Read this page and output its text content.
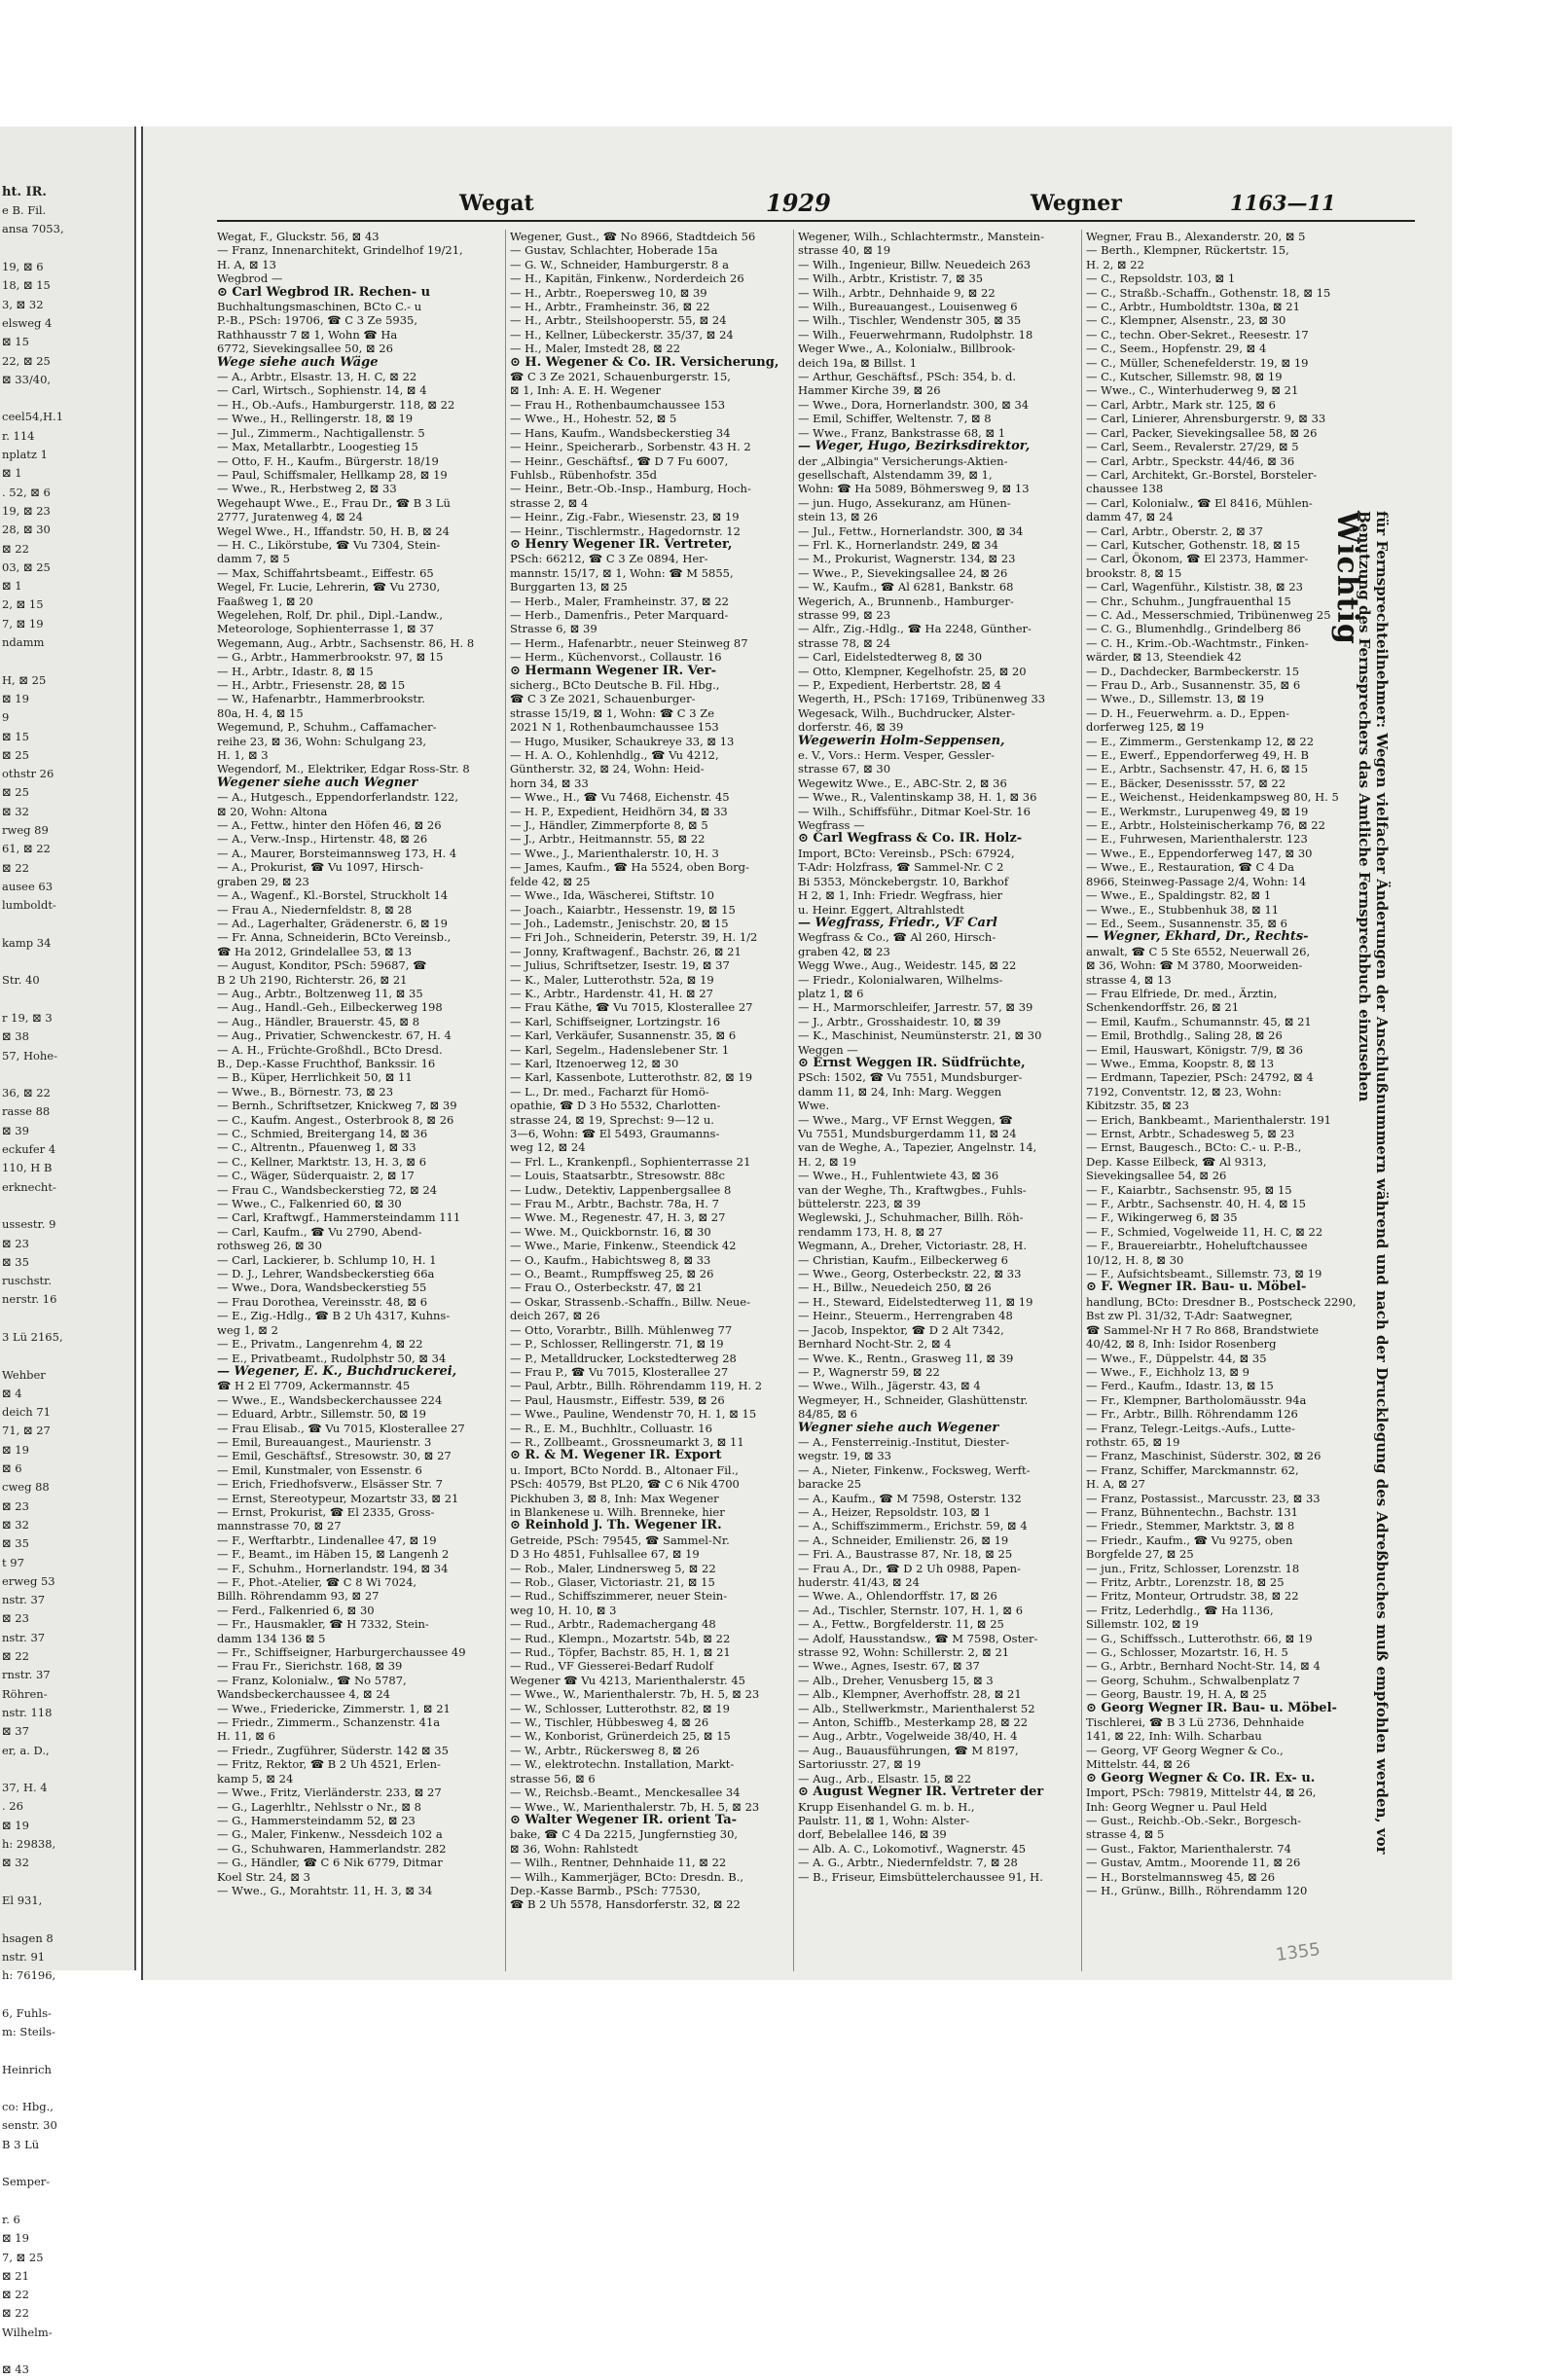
ht. IR.
e B. Fil.
ansa 7053,

19, ⊠ 6
18, ⊠ 15
3, ⊠ 32
elsweg 4
⊠ 15
22, ⊠ 25
⊠ 33/40,

ceel54,H.1
r. 114
nplatz 1
⊠ 1
. 52, ⊠ 6
19, ⊠ 23
28, ⊠ 30
⊠ 22
03, ⊠ 25
⊠ 1
2, ⊠ 15
7, ⊠ 19
ndamm

H, ⊠ 25
⊠ 19
9
⊠ 15
⊠ 25
othstr 26
⊠ 25
⊠ 32
rweg 89
61, ⊠ 22
⊠ 22
ausee 63
lumboldt-

kamp 34

Str. 40

r 19, ⊠ 3
⊠ 38
57, Hohe-

36, ⊠ 22
rasse 88
⊠ 39
eckufer 4
110, H B
erknecht-

ussestr. 9
⊠ 23
⊠ 35
ruschstr.
nerstr. 16

3 Lü 2165,

Wehber
⊠ 4
deich 71
71, ⊠ 27
⊠ 19
⊠ 6
cweg 88
⊠ 23
⊠ 32
⊠ 35
t 97
erweg 53
nstr. 37
⊠ 23
nstr. 37
⊠ 22
rnstr. 37
Röhren-
nstr. 118
⊠ 37
er, a. D.,

37, H. 4
. 26
⊠ 19
h: 29838,
⊠ 32

El 931,

hsagen 8
nstr. 91
h: 76196,

6, Fuhls-
m: Steils-

Heinrich

co: Hbg.,
senstr. 30
B 3 Lü

Semper-

r. 6
⊠ 19
7, ⊠ 25
⊠ 21
⊠ 22
⊠ 22
Wilhelm-

⊠ 43
Wegat	1929	Wegner	1163—11
Wegat, F., Gluckstr. 56, ⊠ 43
— Franz, Innenarchitekt, Grindelhof 19/21,
H. A, ⊠ 13
Wegbrod —
⊙ Carl Wegbrod IR. Rechen- u
Buchhaltungsmaschinen, BCto C.- u
P.-B., PSch: 19706, ☎ C 3 Ze 5935,
Rathhausstr 7 ⊠ 1, Wohn ☎ Ha
6772, Sievekingsallee 50, ⊠ 26
Wege siehe auch Wäge
— A., Arbtr., Elsastr. 13, H. C, ⊠ 22
— Carl, Wirtsch., Sophienstr. 14, ⊠ 4
— H., Ob.-Aufs., Hamburgerstr. 118, ⊠ 22
— Wwe., H., Rellingerstr. 18, ⊠ 19
— Jul., Zimmerm., Nachtigallenstr. 5
— Max, Metallarbtr., Loogestieg 15
— Otto, F. H., Kaufm., Bürgerstr. 18/19
— Paul, Schiffsmaler, Hellkamp 28, ⊠ 19
— Wwe., R., Herbstweg 2, ⊠ 33
Wegehaupt Wwe., E., Frau Dr., ☎ B 3 Lü
2777, Juratenweg 4, ⊠ 24
Wegel Wwe., H., Iffandstr. 50, H. B, ⊠ 24
— H. C., Likörstube, ☎ Vu 7304, Stein-
damm 7, ⊠ 5
— Max, Schiffahrtsbeamt., Eiffestr. 65
Wegel, Fr. Lucie, Lehrerin, ☎ Vu 2730,
Faaßweg 1, ⊠ 20
Wegelehen, Rolf, Dr. phil., Dipl.-Landw.,
Meteorologe, Sophienterrasse 1, ⊠ 37
Wegemann, Aug., Arbtr., Sachsenstr. 86, H. 8
— G., Arbtr., Hammerbrookstr. 97, ⊠ 15
— H., Arbtr., Idastr. 8, ⊠ 15
— H., Arbtr., Friesenstr. 28, ⊠ 15
— W., Hafenarbtr., Hammerbrookstr.
80a, H. 4, ⊠ 15
Wegemund, P., Schuhm., Caffamacher-
reihe 23, ⊠ 36, Wohn: Schulgang 23,
H. 1, ⊠ 3
Wegendorf, M., Elektriker, Edgar Ross-Str. 8
Wegener siehe auch Wegner
— A., Hutgesch., Eppendorferlandstr. 122,
⊠ 20, Wohn: Altona
— A., Fettw., hinter den Höfen 46, ⊠ 26
— A., Verw.-Insp., Hirtenstr. 48, ⊠ 26
— A., Maurer, Borsteimannsweg 173, H. 4
— A., Prokurist, ☎ Vu 1097, Hirsch-
graben 29, ⊠ 23
— A., Wagenf., Kl.-Borstel, Struckholt 14
— Frau A., Niedernfeldstr. 8, ⊠ 28
— Ad., Lagerhalter, Grädenerstr. 6, ⊠ 19
— Fr. Anna, Schneiderin, BCto Vereinsb.,
☎ Ha 2012, Grindelallee 53, ⊠ 13
— August, Konditor, PSch: 59687, ☎
B 2 Uh 2190, Richterstr. 26, ⊠ 21
— Aug., Arbtr., Boltzenweg 11, ⊠ 35
— Aug., Handl.-Geh., Eilbeckerweg 198
— Aug., Händler, Brauerstr. 45, ⊠ 8
— Aug., Privatier, Schwenckestr. 67, H. 4
— A. H., Früchte-Großhdl., BCto Dresd.
B., Dep.-Kasse Fruchthof, Bankssir. 16
— B., Küper, Herrlichkeit 50, ⊠ 11
— Wwe., B., Börnestr. 73, ⊠ 23
— Bernh., Schriftsetzer, Knickweg 7, ⊠ 39
— C., Kaufm. Angest., Osterbrook 8, ⊠ 26
— C., Schmied, Breitergang 14, ⊠ 36
— C., Altrentn., Pfauenweg 1, ⊠ 33
— C., Kellner, Marktstr. 13, H. 3, ⊠ 6
— C., Wäger, Süderquaistr. 2, ⊠ 17
— Frau C., Wandsbeckerstieg 72, ⊠ 24
— Wwe., C., Falkenried 60, ⊠ 30
— Carl, Kraftwgf., Hammersteindamm 111
— Carl, Kaufm., ☎ Vu 2790, Abend-
rothsweg 26, ⊠ 30
— Carl, Lackierer, b. Schlump 10, H. 1
— D. J., Lehrer, Wandsbeckerstieg 66a
— Wwe., Dora, Wandsbeckerstieg 55
— Frau Dorothea, Vereinsstr. 48, ⊠ 6
— E., Zig.-Hdlg., ☎ B 2 Uh 4317, Kuhns-
weg 1, ⊠ 2
— E., Privatm., Langenrehm 4, ⊠ 22
— E., Privatbeamt., Rudolphstr 50, ⊠ 34
— Wegener, E. K., Buchdruckerei,
☎ H 2 El 7709, Ackermannstr. 45
— Wwe., E., Wandsbeckerchaussee 224
— Eduard, Arbtr., Sillemstr. 50, ⊠ 19
— Frau Elisab., ☎ Vu 7015, Klosterallee 27
— Emil, Bureauangest., Maurienstr. 3
— Emil, Geschäftsf., Stresowstr. 30, ⊠ 27
— Emil, Kunstmaler, von Essenstr. 6
— Erich, Friedhofsverw., Elsässer Str. 7
— Ernst, Stereotypeur, Mozartstr 33, ⊠ 21
— Ernst, Prokurist, ☎ El 2335, Gross-
mannstrasse 70, ⊠ 27
— F., Werftarbtr., Lindenallee 47, ⊠ 19
— F., Beamt., im Häben 15, ⊠ Langenh 2
— F., Schuhm., Hornerlandstr. 194, ⊠ 34
— F., Phot.-Atelier, ☎ C 8 Wi 7024,
Billh. Röhrendamm 93, ⊠ 27
— Ferd., Falkenried 6, ⊠ 30
— Fr., Hausmakler, ☎ H 7332, Stein-
damm 134 136 ⊠ 5
— Fr., Schiffseigner, Harburgerchaussee 49
— Frau Fr., Sierichstr. 168, ⊠ 39
— Franz, Kolonialw., ☎ No 5787,
Wandsbeckerchaussee 4, ⊠ 24
— Wwe., Friedericke, Zimmerstr. 1, ⊠ 21
— Friedr., Zimmerm., Schanzenstr. 41a
H. 11, ⊠ 6
— Friedr., Zugführer, Süderstr. 142 ⊠ 35
— Fritz, Rektor, ☎ B 2 Uh 4521, Erlen-
kamp 5, ⊠ 24
— Wwe., Fritz, Vierländerstr. 233, ⊠ 27
— G., Lagerhltr., Nehlsstr o Nr., ⊠ 8
— G., Hammersteindamm 52, ⊠ 23
— G., Maler, Finkenw., Nessdeich 102 a
— G., Schuhwaren, Hammerlandstr. 282
— G., Händler, ☎ C 6 Nik 6779, Ditmar
Koel Str. 24, ⊠ 3
— Wwe., G., Morahtstr. 11, H. 3, ⊠ 34
Wegener, Gust., ☎ No 8966, Stadtdeich 56
— Gustav, Schlachter, Hoberade 15a
— G. W., Schneider, Hamburgerstr. 8 a
— H., Kapitän, Finkenw., Norderdeich 26
— H., Arbtr., Roepersweg 10, ⊠ 39
— H., Arbtr., Framheinstr. 36, ⊠ 22
— H., Arbtr., Steilshooperstr. 55, ⊠ 24
— H., Kellner, Lübeckerstr. 35/37, ⊠ 24
— H., Maler, Imstedt 28, ⊠ 22
⊙ H. Wegener & Co. IR. Versicherung,
☎ C 3 Ze 2021, Schauenburgerstr. 15,
⊠ 1, Inh: A. E. H. Wegener
— Frau H., Rothenbaumchaussee 153
— Wwe., H., Hohestr. 52, ⊠ 5
— Hans, Kaufm., Wandsbeckerstieg 34
— Heinr., Speicherarb., Sorbenstr. 43 H. 2
— Heinr., Geschäftsf., ☎ D 7 Fu 6007,
Fuhlsb., Rübenhofstr. 35d
— Heinr., Betr.-Ob.-Insp., Hamburg, Hoch-
strasse 2, ⊠ 4
— Heinr., Zig.-Fabr., Wiesenstr. 23, ⊠ 19
— Heinr., Tischlermstr., Hagedornstr. 12
⊙ Henry Wegener IR. Vertreter,
PSch: 66212, ☎ C 3 Ze 0894, Her-
mannstr. 15/17, ⊠ 1, Wohn: ☎ M 5855,
Burggarten 13, ⊠ 25
— Herb., Maler, Framheinstr. 37, ⊠ 22
— Herb., Damenfris., Peter Marquard-
Strasse 6, ⊠ 39
— Herm., Hafenarbtr., neuer Steinweg 87
— Herm., Küchenvorst., Collaustr. 16
⊙ Hermann Wegener IR. Ver-
sicherg., BCto Deutsche B. Fil. Hbg.,
☎ C 3 Ze 2021, Schauenburger-
strasse 15/19, ⊠ 1, Wohn: ☎ C 3 Ze
2021 N 1, Rothenbaumchaussee 153
— Hugo, Musiker, Schaukreye 33, ⊠ 13
— H. A. O., Kohlenhdlg., ☎ Vu 4212,
Güntherstr. 32, ⊠ 24, Wohn: Heid-
horn 34, ⊠ 33
— Wwe., H., ☎ Vu 7468, Eichenstr. 45
— H. P., Expedient, Heidhörn 34, ⊠ 33
— J., Händler, Zimmerpforte 8, ⊠ 5
— J., Arbtr., Heitmannstr. 55, ⊠ 22
— Wwe., J., Marienthalerstr. 10, H. 3
— James, Kaufm., ☎ Ha 5524, oben Borg-
felde 42, ⊠ 25
— Wwe., Ida, Wäscherei, Stiftstr. 10
— Joach., Kaiarbtr., Hessenstr. 19, ⊠ 15
— Joh., Lademstr., Jenischstr. 20, ⊠ 15
— Fri Joh., Schneiderin, Peterstr. 39, H. 1/2
— Jonny, Kraftwagenf., Bachstr. 26, ⊠ 21
— Julius, Schriftsetzer, Isestr. 19, ⊠ 37
— K., Maler, Lutterothstr. 52a, ⊠ 19
— K., Arbtr., Hardenstr. 41, H. ⊠ 27
— Frau Käthe, ☎ Vu 7015, Klosterallee 27
— Karl, Schiffseigner, Lortzingstr. 16
— Karl, Verkäufer, Susannenstr. 35, ⊠ 6
— Karl, Segelm., Hadenslebener Str. 1
— Karl, Itzenoerweg 12, ⊠ 30
— Karl, Kassenbote, Lutterothstr. 82, ⊠ 19
— L., Dr. med., Facharzt für Homö-
opathie, ☎ D 3 Ho 5532, Charlotten-
strasse 24, ⊠ 19, Sprechst: 9—12 u.
3—6, Wohn: ☎ El 5493, Graumanns-
weg 12, ⊠ 24
— Frl. L., Krankenpfl., Sophienterrasse 21
— Louis, Staatsarbtr., Stresowstr. 88c
— Ludw., Detektiv, Lappenbergsallee 8
— Frau M., Arbtr., Bachstr. 78a, H. 7
— Wwe. M., Regenestr. 47, H. 3, ⊠ 27
— Wwe. M., Quickbornstr. 16, ⊠ 30
— Wwe., Marie, Finkenw., Steendick 42
— O., Kaufm., Habichtsweg 8, ⊠ 33
— O., Beamt., Rumpffsweg 25, ⊠ 26
— Frau O., Osterbeckstr. 47, ⊠ 21
— Oskar, Strassenb.-Schaffn., Billw. Neue-
deich 267, ⊠ 26
— Otto, Vorarbtr., Billh. Mühlenweg 77
— P., Schlosser, Rellingerstr. 71, ⊠ 19
— P., Metalldrucker, Lockstedterweg 28
— Frau P., ☎ Vu 7015, Klosterallee 27
— Paul, Arbtr., Billh. Röhrendamm 119, H. 2
— Paul, Hausmstr., Eiffestr. 539, ⊠ 26
— Wwe., Pauline, Wendenstr 70, H. 1, ⊠ 15
— R., E. M., Buchhltr., Colluastr. 16
— R., Zollbeamt., Grossneumarkt 3, ⊠ 11
⊙ R. & M. Wegener IR. Export
u. Import, BCto Nordd. B., Altonaer Fil.,
PSch: 40579, Bst PL20, ☎ C 6 Nik 4700
Pickhuben 3, ⊠ 8, Inh: Max Wegener
in Blankenese u. Wilh. Brenneke, hier
⊙ Reinhold J. Th. Wegener IR.
Getreide, PSch: 79545, ☎ Sammel-Nr.
D 3 Ho 4851, Fuhlsallee 67, ⊠ 19
— Rob., Maler, Lindnersweg 5, ⊠ 22
— Rob., Glaser, Victoriastr. 21, ⊠ 15
— Rud., Schiffszimmerer, neuer Stein-
weg 10, H. 10, ⊠ 3
— Rud., Arbtr., Rademachergang 48
— Rud., Klempn., Mozartstr. 54b, ⊠ 22
— Rud., Töpfer, Bachstr. 85, H. 1, ⊠ 21
— Rud., ⅤF Giesserei-Bedarf Rudolf
Wegener ☎ Vu 4213, Marienthalerstr. 45
— Wwe., W., Marienthalerstr. 7b, H. 5, ⊠ 23
— W., Schlosser, Lutterothstr. 82, ⊠ 19
— W., Tischler, Hübbesweg 4, ⊠ 26
— W., Konborist, Grünerdeich 25, ⊠ 15
— W., Arbtr., Rückersweg 8, ⊠ 26
— W., elektrotechn. Installation, Markt-
strasse 56, ⊠ 6
— W., Reichsb.-Beamt., Menckesallee 34
— Wwe., W., Marienthalerstr. 7b, H. 5, ⊠ 23
⊙ Walter Wegener IR. orient Ta-
bake, ☎ C 4 Da 2215, Jungfernstieg 30,
⊠ 36, Wohn: Rahlstedt
— Wilh., Rentner, Dehnhaide 11, ⊠ 22
— Wilh., Kammerjäger, BCto: Dresdn. B.,
Dep.-Kasse Barmb., PSch: 77530,
☎ B 2 Uh 5578, Hansdorferstr. 32, ⊠ 22
Wegener, Wilh., Schlachtermstr., Manstein-
strasse 40, ⊠ 19
— Wilh., Ingenieur, Billw. Neuedeich 263
— Wilh., Arbtr., Krististr. 7, ⊠ 35
— Wilh., Arbtr., Dehnhaide 9, ⊠ 22
— Wilh., Bureauangest., Louisenweg 6
— Wilh., Tischler, Wendenstr 305, ⊠ 35
— Wilh., Feuerwehrmann, Rudolphstr. 18
Weger Wwe., A., Kolonialw., Billbrook-
deich 19a, ⊠ Billst. 1
— Arthur, Geschäftsf., PSch: 354, b. d.
Hammer Kirche 39, ⊠ 26
— Wwe., Dora, Hornerlandstr. 300, ⊠ 34
— Emil, Schiffer, Weltenstr. 7, ⊠ 8
— Wwe., Franz, Bankstrasse 68, ⊠ 1
— Weger, Hugo, Bezirksdirektor,
der „Albingia" Versicherungs-Aktien-
gesellschaft, Alstendamm 39, ⊠ 1,
Wohn: ☎ Ha 5089, Böhmersweg 9, ⊠ 13
— jun. Hugo, Assekuranz, am Hünen-
stein 13, ⊠ 26
— Jul., Fettw., Hornerlandstr. 300, ⊠ 34
— Frl. K., Hornerlandstr. 249, ⊠ 34
— M., Prokurist, Wagnerstr. 134, ⊠ 23
— Wwe., P., Sievekingsallee 24, ⊠ 26
— W., Kaufm., ☎ Al 6281, Bankstr. 68
Wegerich, A., Brunnenb., Hamburger-
strasse 99, ⊠ 23
— Alfr., Zig.-Hdlg., ☎ Ha 2248, Günther-
strasse 78, ⊠ 24
— Carl, Eidelstedterweg 8, ⊠ 30
— Otto, Klempner, Kegelhofstr. 25, ⊠ 20
— P., Expedient, Herbertstr. 28, ⊠ 4
Wegerth, H., PSch: 17169, Tribünenweg 33
Wegesack, Wilh., Buchdrucker, Alster-
dorferstr. 46, ⊠ 39
Wegewerin Holm-Seppensen,
e. V., Vors.: Herm. Vesper, Gessler-
strasse 67, ⊠ 30
Wegewitz Wwe., E., ABC-Str. 2, ⊠ 36
— Wwe., R., Valentinskamp 38, H. 1, ⊠ 36
— Wilh., Schiffsführ., Ditmar Koel-Str. 16
Wegfrass —
⊙ Carl Wegfrass & Co. IR. Holz-
Import, BCto: Vereinsb., PSch: 67924,
T-Adr: Holzfrass, ☎ Sammel-Nr. C 2
Bi 5353, Mönckebergstr. 10, Barkhof
H 2, ⊠ 1, Inh: Friedr. Wegfrass, hier
u. Heinr. Eggert, Altrahlstedt
— Wegfrass, Friedr., ⅤF Carl
Wegfrass & Co., ☎ Al 260, Hirsch-
graben 42, ⊠ 23
Wegg Wwe., Aug., Weidestr. 145, ⊠ 22
— Friedr., Kolonialwaren, Wilhelms-
platz 1, ⊠ 6
— H., Marmorschleifer, Jarrestr. 57, ⊠ 39
— J., Arbtr., Grosshaidestr. 10, ⊠ 39
— K., Maschinist, Neumünsterstr. 21, ⊠ 30
Weggen —
⊙ Ernst Weggen IR. Südfrüchte,
PSch: 1502, ☎ Vu 7551, Mundsburger-
damm 11, ⊠ 24, Inh: Marg. Weggen
Wwe.
— Wwe., Marg., ⅤF Ernst Weggen, ☎
Vu 7551, Mundsburgerdamm 11, ⊠ 24
van de Weghe, A., Tapezier, Angelnstr. 14,
H. 2, ⊠ 19
— Wwe., H., Fuhlentwiete 43, ⊠ 36
van der Weghe, Th., Kraftwgbes., Fuhls-
büttelerstr. 223, ⊠ 39
Weglewski, J., Schuhmacher, Billh. Röh-
rendamm 173, H. 8, ⊠ 27
Wegmann, A., Dreher, Victoriastr. 28, H.
— Christian, Kaufm., Eilbeckerweg 6
— Wwe., Georg, Osterbeckstr. 22, ⊠ 33
— H., Billw., Neuedeich 250, ⊠ 26
— H., Steward, Eidelstedterweg 11, ⊠ 19
— Heinr., Steuerm., Herrengraben 48
— Jacob, Inspektor, ☎ D 2 Alt 7342,
Bernhard Nocht-Str. 2, ⊠ 4
— Wwe. K., Rentn., Grasweg 11, ⊠ 39
— P., Wagnerstr 59, ⊠ 22
— Wwe., Wilh., Jägerstr. 43, ⊠ 4
Wegmeyer, H., Schneider, Glashüttenstr.
84/85, ⊠ 6
Wegner siehe auch Wegener
— A., Fensterreinig.-Institut, Diester-
wegstr. 19, ⊠ 33
— A., Nieter, Finkenw., Focksweg, Werft-
baracke 25
— A., Kaufm., ☎ M 7598, Osterstr. 132
— A., Heizer, Repsoldstr. 103, ⊠ 1
— A., Schiffszimmerm., Erichstr. 59, ⊠ 4
— A., Schneider, Emilienstr. 26, ⊠ 19
— Fri. A., Baustrasse 87, Nr. 18, ⊠ 25
— Frau A., Dr., ☎ D 2 Uh 0988, Papen-
huderstr. 41/43, ⊠ 24
— Wwe. A., Ohlendorffstr. 17, ⊠ 26
— Ad., Tischler, Sternstr. 107, H. 1, ⊠ 6
— A., Fettw., Borgfelderstr. 11, ⊠ 25
— Adolf, Hausstandsw., ☎ M 7598, Oster-
strasse 92, Wohn: Schillerstr. 2, ⊠ 21
— Wwe., Agnes, Isestr. 67, ⊠ 37
— Alb., Dreher, Venusberg 15, ⊠ 3
— Alb., Klempner, Averhoffstr. 28, ⊠ 21
— Alb., Stellwerkmstr., Marienthalerst 52
— Anton, Schiffb., Mesterkamp 28, ⊠ 22
— Aug., Arbtr., Vogelweide 38/40, H. 4
— Aug., Bauausführungen, ☎ M 8197,
Sartoriusstr. 27, ⊠ 19
— Aug., Arb., Elsastr. 15, ⊠ 22
⊙ August Wegner IR. Vertreter der
Krupp Eisenhandel G. m. b. H.,
Paulstr. 11, ⊠ 1, Wohn: Alster-
dorf, Bebelallee 146, ⊠ 39
— Alb. A. C., Lokomotivf., Wagnerstr. 45
— A. G., Arbtr., Niedernfeldstr. 7, ⊠ 28
— B., Friseur, Eimsbüttelerchaussee 91, H.
Wegner, Frau B., Alexanderstr. 20, ⊠ 5
— Berth., Klempner, Rückertstr. 15,
H. 2, ⊠ 22
— C., Repsoldstr. 103, ⊠ 1
— C., Straßb.-Schaffn., Gothenstr. 18, ⊠ 15
— C., Arbtr., Humboldtstr. 130a, ⊠ 21
— C., Klempner, Alsenstr., 23, ⊠ 30
— C., techn. Ober-Sekret., Reesestr. 17
— C., Seem., Hopfenstr. 29, ⊠ 4
— C., Müller, Schenefelderstr. 19, ⊠ 19
— C., Kutscher, Sillemstr. 98, ⊠ 19
— Wwe., C., Winterhuderweg 9, ⊠ 21
— Carl, Arbtr., Mark str. 125, ⊠ 6
— Carl, Linierer, Ahrensburgerstr. 9, ⊠ 33
— Carl, Packer, Sievekingsallee 58, ⊠ 26
— Carl, Seem., Revalerstr. 27/29, ⊠ 5
— Carl, Arbtr., Speckstr. 44/46, ⊠ 36
— Carl, Architekt, Gr.-Borstel, Borsteler-
chaussee 138
— Carl, Kolonialw., ☎ El 8416, Mühlen-
damm 47, ⊠ 24
— Carl, Arbtr., Oberstr. 2, ⊠ 37
— Carl, Kutscher, Gothenstr. 18, ⊠ 15
— Carl, Ökonom, ☎ El 2373, Hammer-
brookstr. 8, ⊠ 15
— Carl, Wagenführ., Kilstistr. 38, ⊠ 23
— Chr., Schuhm., Jungfrauenthal 15
— C. Ad., Messerschmied, Tribünenweg 25
— C. G., Blumenhdlg., Grindelberg 86
— C. H., Krim.-Ob.-Wachtmstr., Finken-
wärder, ⊠ 13, Steendiek 42
— D., Dachdecker, Barmbeckerstr. 15
— Frau D., Arb., Susannenstr. 35, ⊠ 6
— Wwe., D., Sillemstr. 13, ⊠ 19
— D. H., Feuerwehrm. a. D., Eppen-
dorferweg 125, ⊠ 19
— E., Zimmerm., Gerstenkamp 12, ⊠ 22
— E., Ewerf., Eppendorferweg 49, H. B
— E., Arbtr., Sachsenstr. 47, H. 6, ⊠ 15
— E., Bäcker, Desenissstr. 57, ⊠ 22
— E., Weichenst., Heidenkampsweg 80, H. 5
— E., Werkmstr., Lurupenweg 49, ⊠ 19
— E., Arbtr., Holsteinischerkamp 76, ⊠ 22
— E., Fuhrwesen, Marienthalerstr. 123
— Wwe., E., Eppendorferweg 147, ⊠ 30
— Wwe., E., Restauration, ☎ C 4 Da
8966, Steinweg-Passage 2/4, Wohn: 14
— Wwe., E., Spaldingstr. 82, ⊠ 1
— Wwe., E., Stubbenhuk 38, ⊠ 11
— Ed., Seem., Susannenstr. 35, ⊠ 6
— Wegner, Ekhard, Dr., Rechts-
anwalt, ☎ C 5 Ste 6552, Neuerwall 26,
⊠ 36, Wohn: ☎ M 3780, Moorweiden-
strasse 4, ⊠ 13
— Frau Elfriede, Dr. med., Ärztin,
Schenkendorffstr. 26, ⊠ 21
— Emil, Kaufm., Schumannstr. 45, ⊠ 21
— Emil, Brothdlg., Saling 28, ⊠ 26
— Emil, Hauswart, Königstr. 7/9, ⊠ 36
— Wwe., Emma, Koopstr. 8, ⊠ 13
— Erdmann, Tapezier, PSch: 24792, ⊠ 4
7192, Conventstr. 12, ⊠ 23, Wohn:
Kibitzstr. 35, ⊠ 23
— Erich, Bankbeamt., Marienthalerstr. 191
— Ernst, Arbtr., Schadesweg 5, ⊠ 23
— Ernst, Baugesch., BCto: C.- u. P.-B.,
Dep. Kasse Eilbeck, ☎ Al 9313,
Sievekingsallee 54, ⊠ 26
— F., Kaiarbtr., Sachsenstr. 95, ⊠ 15
— F., Arbtr., Sachsenstr. 40, H. 4, ⊠ 15
— F., Wikingerweg 6, ⊠ 35
— F., Schmied, Vogelweide 11, H. C, ⊠ 22
— F., Brauereiarbtr., Hoheluftchaussee
10/12, H. 8, ⊠ 30
— F., Aufsichtsbeamt., Sillemstr. 73, ⊠ 19
⊙ F. Wegner IR. Bau- u. Möbel-
handlung, BCto: Dresdner B., Postscheck 2290,
Bst zw Pl. 31/32, T-Adr: Saatwegner,
☎ Sammel-Nr H 7 Ro 868, Brandstwiete
40/42, ⊠ 8, Inh: Isidor Rosenberg
— Wwe., F., Düppelstr. 44, ⊠ 35
— Wwe., F., Eichholz 13, ⊠ 9
— Ferd., Kaufm., Idastr. 13, ⊠ 15
— Fr., Klempner, Bartholomäusstr. 94a
— Fr., Arbtr., Billh. Röhrendamm 126
— Franz, Telegr.-Leitgs.-Aufs., Lutte-
rothstr. 65, ⊠ 19
— Franz, Maschinist, Süderstr. 302, ⊠ 26
— Franz, Schiffer, Marckmannstr. 62,
H. A, ⊠ 27
— Franz, Postassist., Marcusstr. 23, ⊠ 33
— Franz, Bühnentechn., Bachstr. 131
— Friedr., Stemmer, Marktstr. 3, ⊠ 8
— Friedr., Kaufm., ☎ Vu 9275, oben
Borgfelde 27, ⊠ 25
— jun., Fritz, Schlosser, Lorenzstr. 18
— Fritz, Arbtr., Lorenzstr. 18, ⊠ 25
— Fritz, Monteur, Ortrudstr. 38, ⊠ 22
— Fritz, Lederhdlg., ☎ Ha 1136,
Sillemstr. 102, ⊠ 19
— G., Schiffssch., Lutterothstr. 66, ⊠ 19
— G., Schlosser, Mozartstr. 16, H. 5
— G., Arbtr., Bernhard Nocht-Str. 14, ⊠ 4
— Georg, Schuhm., Schwalbenplatz 7
— Georg, Baustr. 19, H. A, ⊠ 25
⊙ Georg Wegner IR. Bau- u. Möbel-
Tischlerei, ☎ B 3 Lü 2736, Dehnhaide
141, ⊠ 22, Inh: Wilh. Scharbau
— Georg, ⅤF Georg Wegner & Co.,
Mittelstr. 44, ⊠ 26
⊙ Georg Wegner & Co. IR. Ex- u.
Import, PSch: 79819, Mittelstr 44, ⊠ 26,
Inh: Georg Wegner u. Paul Held
— Gust., Reichb.-Ob.-Sekr., Borgesch-
strasse 4, ⊠ 5
— Gust., Faktor, Marienthalerstr. 74
— Gustav, Amtm., Moorende 11, ⊠ 26
— H., Borstelmannsweg 45, ⊠ 26
— H., Grünw., Billh., Röhrendamm 120
Wichtig für Fernsprechteilnehmer: Wegen vielfacher Änderungen der Anschlußnummern während und nach der Drucklegung des Adreßbuches muß empfohlen werden, vor Benutzung des Fernsprechers das Amtliche Fernsprechbuch einzusehen
1355
